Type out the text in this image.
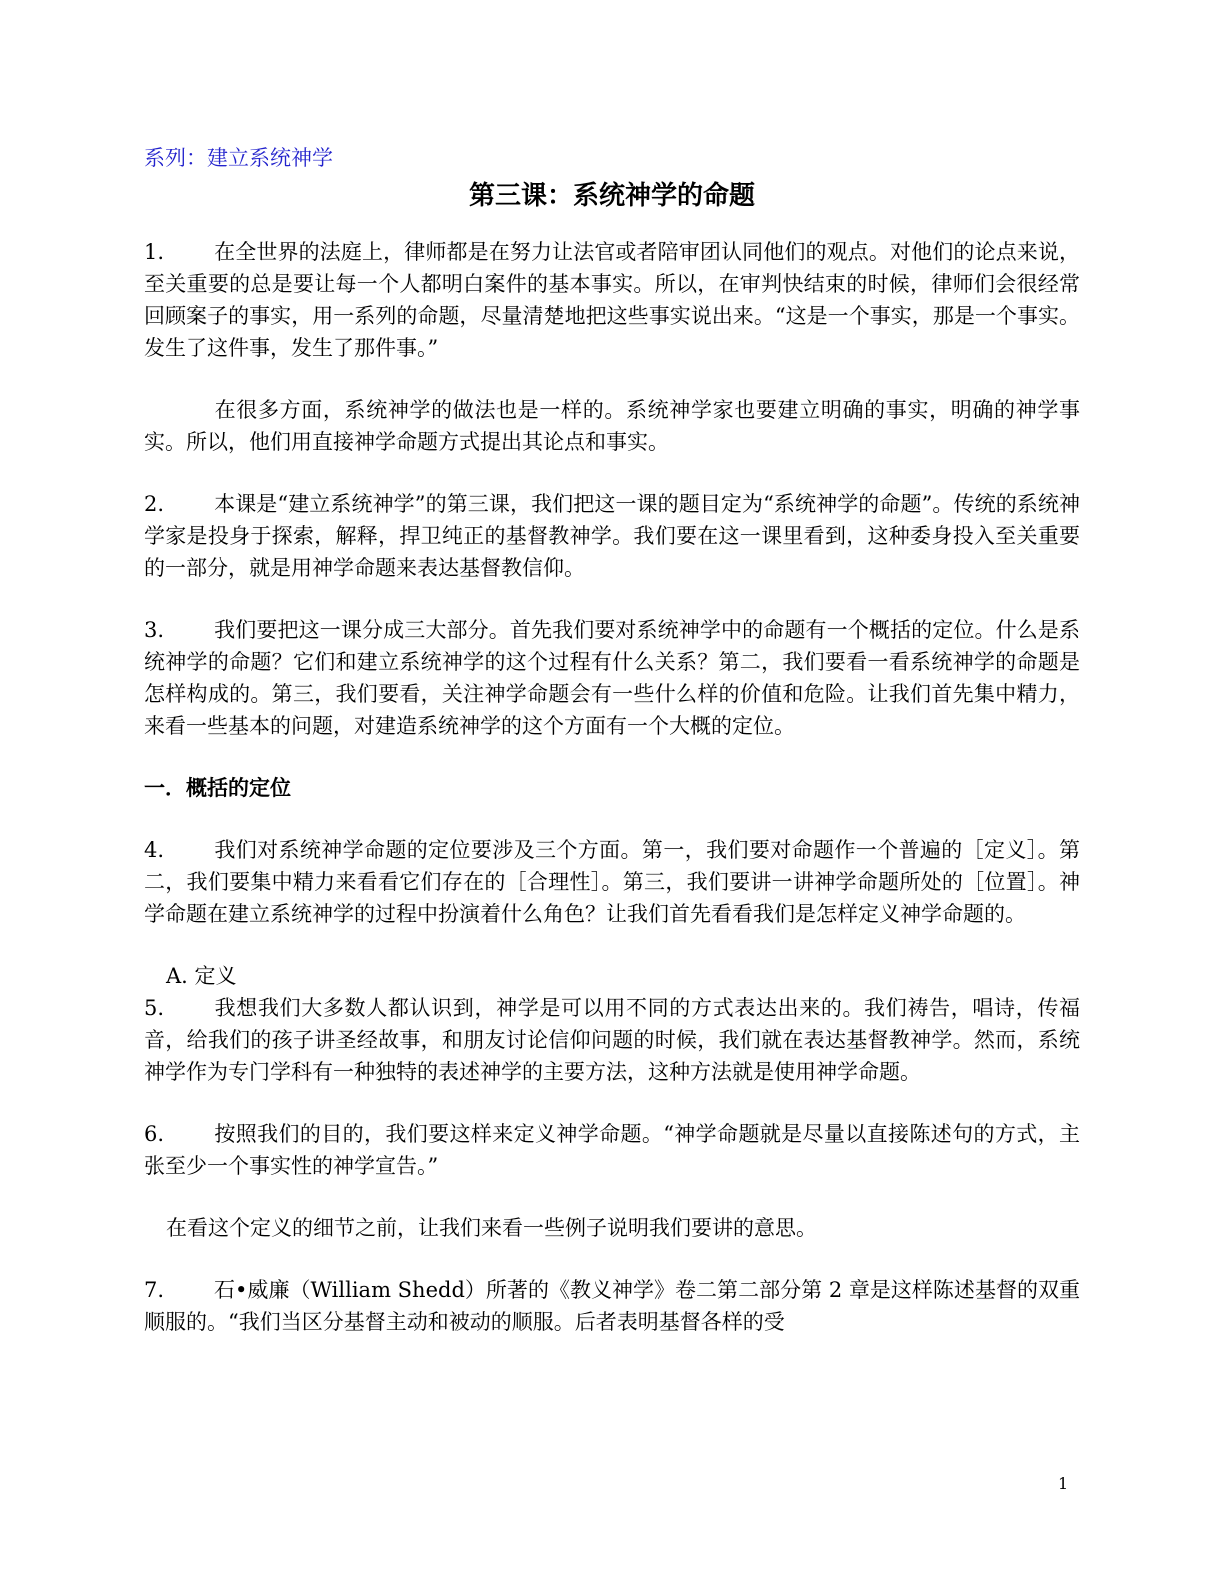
系列：建立系统神学
第三课：系统神学的命题

1. 在全世界的法庭上，律师都是在努力让法官或者陪审团认同他们的观点。对他们的论点来说，至关重要的总是要让每一个人都明白案件的基本事实。所以，在审判快结束的时候，律师们会很经常回顾案子的事实，用一系列的命题，尽量清楚地把这些事实说出来。“这是一个事实，那是一个事实。发生了这件事，发生了那件事。”

在很多方面，系统神学的做法也是一样的。系统神学家也要建立明确的事实，明确的神学事实。所以，他们用直接神学命题方式提出其论点和事实。

2. 本课是“建立系统神学”的第三课，我们把这一课的题目定为“系统神学的命题”。传统的系统神学家是投身于探索，解释，捍卫纯正的基督教神学。我们要在这一课里看到，这种委身投入至关重要的一部分，就是用神学命题来表达基督教信仰。

3. 我们要把这一课分成三大部分。首先我们要对系统神学中的命题有一个概括的定位。什么是系统神学的命题？它们和建立系统神学的这个过程有什么关系？第二，我们要看一看系统神学的命题是怎样构成的。第三，我们要看，关注神学命题会有一些什么样的价值和危险。让我们首先集中精力，来看一些基本的问题，对建造系统神学的这个方面有一个大概的定位。

一．概括的定位

4. 我们对系统神学命题的定位要涉及三个方面。第一，我们要对命题作一个普遍的［定义］。第二，我们要集中精力来看看它们存在的［合理性］。第三，我们要讲一讲神学命题所处的［位置］。神学命题在建立系统神学的过程中扮演着什么角色？让我们首先看看我们是怎样定义神学命题的。

A. 定义

5. 我想我们大多数人都认识到，神学是可以用不同的方式表达出来的。我们祷告，唱诗，传福音，给我们的孩子讲圣经故事，和朋友讨论信仰问题的时候，我们就在表达基督教神学。然而，系统神学作为专门学科有一种独特的表述神学的主要方法，这种方法就是使用神学命题。

6. 按照我们的目的，我们要这样来定义神学命题。“神学命题就是尽量以直接陈述句的方式，主张至少一个事实性的神学宣告。”

在看这个定义的细节之前，让我们来看一些例子说明我们要讲的意思。

7. 石•威廉（William Shedd）所著的《教义神学》卷二第二部分第 2 章是这样陈述基督的双重顺服的。“我们当区分基督主动和被动的顺服。后者表明基督各样的受

1
